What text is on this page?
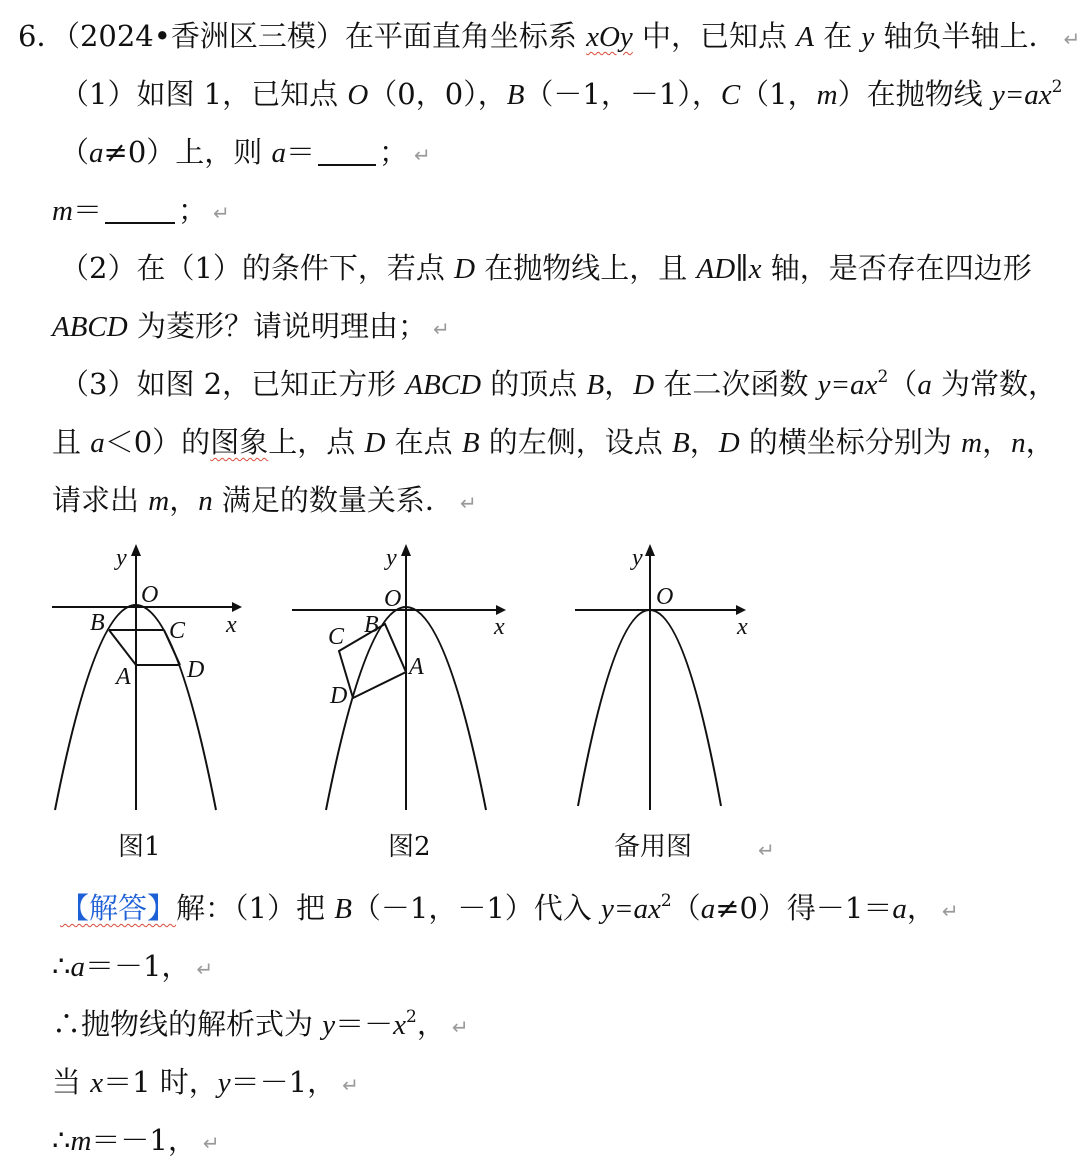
6．（2024•香洲区三模）在平面直角坐标系 xOy 中，已知点 A 在 y 轴负半轴上． ↵
（1）如图 1，已知点 O（0，0），B（－1，－1），C（1，m）在抛物线 $y=ax^2$
（a≠0）上，则 a＝ ； ↵
m＝	； ↵
（2）在（1）的条件下，若点 D 在抛物线上，且 AD∥x 轴，是否存在四边形
ABCD 为菱形？请说明理由； ↵
（3）如图 2，已知正方形 ABCD 的顶点 B，D 在二次函数 $y=ax^2(a$ 为常数，
且 a＜0）的图象上，点 D 在点 B 的左侧，设点 B，D 的横坐标分别为 m，n，
请求出 m，n 满足的数量关系． ↵
y
O
x
B	C
A D
y
O
x
B
C
A
D
y
O
x
图1	图2	备用图	↵
【解答】解：（1）把 B（－1，－1）代入 $y=ax^2(a\ne 0)$得－1＝a， ↵
∴a＝－1， ↵
∴抛物线的解析式为 $y=-x^2$， ↵
当 x＝1 时，y＝－1， ↵
∴m＝－1， ↵
